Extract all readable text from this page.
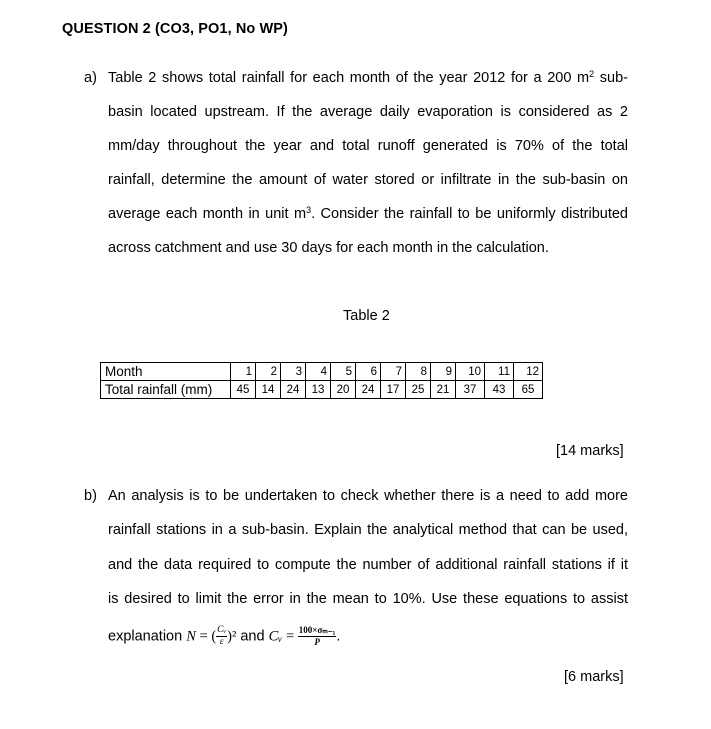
QUESTION 2 (CO3, PO1, No WP)
a) Table 2 shows total rainfall for each month of the year 2012 for a 200 $m^2$ sub-
basin located upstream. If the average daily evaporation is considered as 2
mm/day throughout the year and total runoff generated is 70% of the total
rainfall, determine the amount of water stored or infiltrate in the sub-basin on
average each month in unit $m^3$. Consider the rainfall to be uniformly distributed
across catchment and use 30 days for each month in the calculation.
Table 2
Month	1	2	3	4	5	6	7	8	9	10	11	12
Total rainfall (mm)	45	14	24	13	20	24	17	25	21	37	43	65
[14 marks]
b) An analysis is to be undertaken to check whether there is a need to add more
rainfall stations in a sub-basin. Explain the analytical method that can be used,
and the data required to compute the number of additional rainfall stations if it
is desired to limit the error in the mean to 10%. Use these equations to assist
explanation N = ( $\frac{\text{Cᵥ}}{\varepsilon} )^2$ and Cᵥ = $\frac{\text{100×σₘ₋₁}}{P}$ .
[6 marks]
